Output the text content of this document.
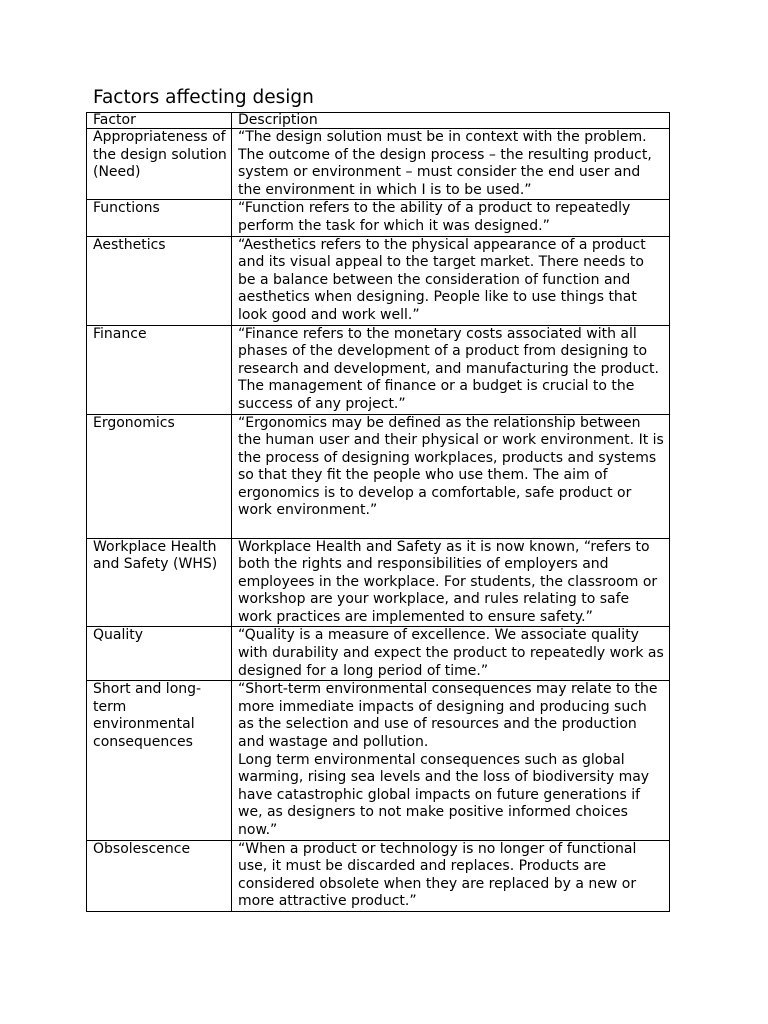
Factors affecting design
Factor	Description
Appropriateness of the design solution (Need)	“The design solution must be in context with the problem. The outcome of the design process – the resulting product, system or environment – must consider the end user and the environment in which I is to be used.”

Functions	“Function refers to the ability of a product to repeatedly perform the task for which it was designed.”

Aesthetics	“Aesthetics refers to the physical appearance of a product and its visual appeal to the target market. There needs to be a balance between the consideration of function and aesthetics when designing. People like to use things that look good and work well.”

Finance	“Finance refers to the monetary costs associated with all phases of the development of a product from designing to research and development, and manufacturing the product. The management of finance or a budget is crucial to the success of any project.”

Ergonomics	“Ergonomics may be defined as the relationship between the human user and their physical or work environment. It is the process of designing workplaces, products and systems so that they fit the people who use them. The aim of ergonomics is to develop a comfortable, safe product or work environment.”

Workplace Health and Safety (WHS)	Workplace Health and Safety as it is now known, “refers to both the rights and responsibilities of employers and employees in the workplace. For students, the classroom or workshop are your workplace, and rules relating to safe work practices are implemented to ensure safety.”

Quality	“Quality is a measure of excellence. We associate quality with durability and expect the product to repeatedly work as designed for a long period of time.”

Short and long-term environmental consequences	“Short-term environmental consequences may relate to the more immediate impacts of designing and producing such as the selection and use of resources and the production and wastage and pollution.
Long term environmental consequences such as global warming, rising sea levels and the loss of biodiversity may have catastrophic global impacts on future generations if we, as designers to not make positive informed choices now.”

Obsolescence	“When a product or technology is no longer of functional use, it must be discarded and replaces. Products are considered obsolete when they are replaced by a new or more attractive product.”
